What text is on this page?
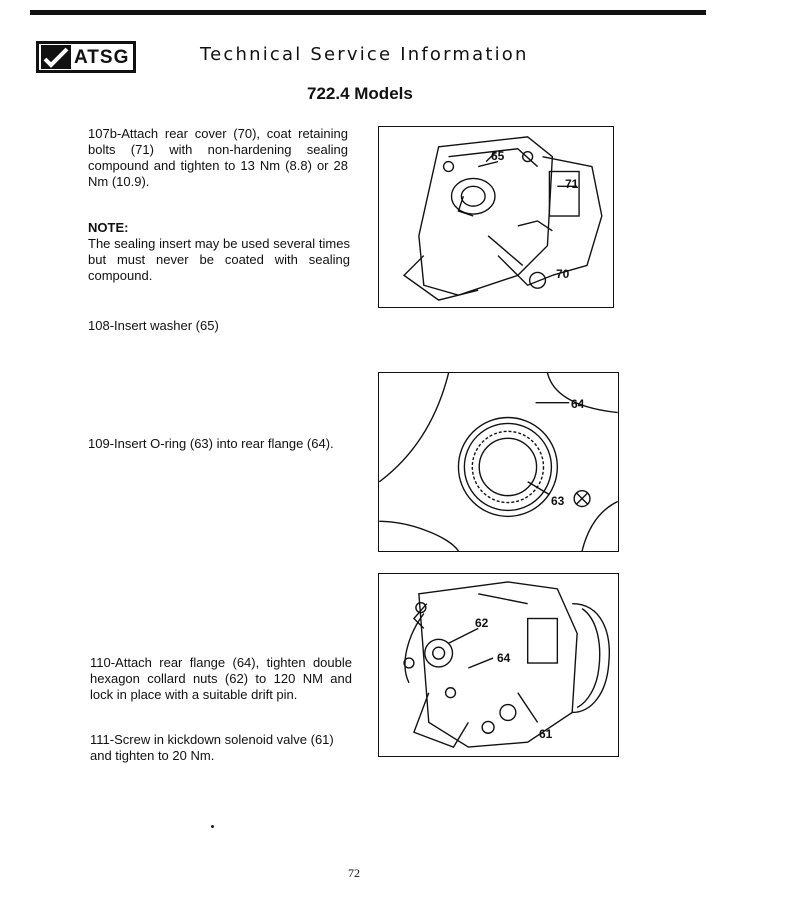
ATSG	Technical Service Information
722.4 Models
107b-Attach rear cover (70), coat retaining bolts (71) with non-hardening sealing compound and tighten to 13 Nm (8.8) or 28 Nm (10.9).
NOTE:
The sealing insert may be used several times but must never be coated with sealing compound.
108-Insert washer (65)
109-Insert O-ring (63) into rear flange (64).
110-Attach rear flange (64), tighten double hexagon collard nuts (62) to 120 NM and lock in place with a suitable drift pin.
111-Screw in kickdown solenoid valve (61) and tighten to 20 Nm.
65
71
70
64
63
62
64
61
72
